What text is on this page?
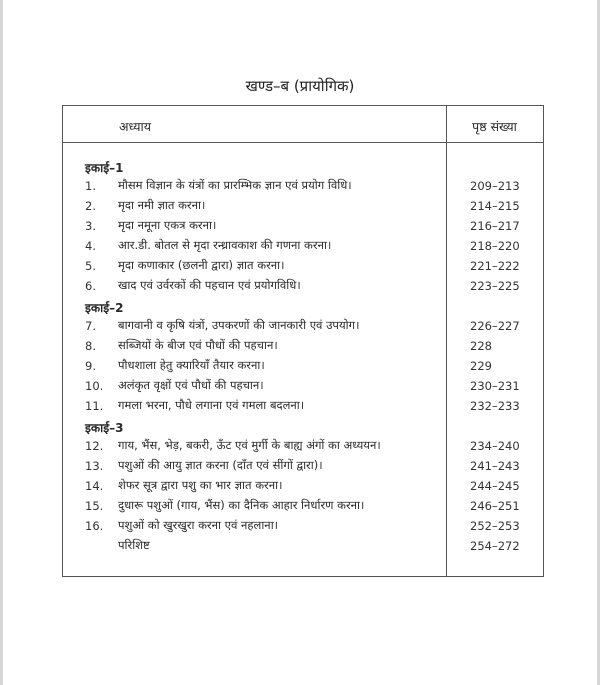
खण्ड–ब (प्रायोगिक)
अध्याय	पृष्ठ संख्या
इकाई–1
1. मौसम विज्ञान के यंत्रों का प्रारम्भिक ज्ञान एवं प्रयोग विधि।	209–213
2. मृदा नमी ज्ञात करना।	214–215
3. मृदा नमूना एकत्र करना।	216–217
4. आर.डी. बोतल से मृदा रन्ध्रावकाश की गणना करना।	218–220
5. मृदा कणाकार (छलनी द्वारा) ज्ञात करना।	221–222
6. खाद एवं उर्वरकों की पहचान एवं प्रयोगविधि।	223–225
इकाई–2
7. बागवानी व कृषि यंत्रों, उपकरणों की जानकारी एवं उपयोग।	226–227
8. सब्जियों के बीज एवं पौधों की पहचान।	228
9. पौधशाला हेतु क्यारियाँ तैयार करना।	229
10. अलंकृत वृक्षों एवं पौधों की पहचान।	230–231
11. गमला भरना, पौधे लगाना एवं गमला बदलना।	232–233
इकाई–3
12. गाय, भैंस, भेड़, बकरी, ऊँट एवं मुर्गी के बाह्य अंगों का अध्ययन।	234–240
13. पशुओं की आयु ज्ञात करना (दाँत एवं सींगों द्वारा)।	241–243
14. शेफर सूत्र द्वारा पशु का भार ज्ञात करना।	244–245
15. दुधारू पशुओं (गाय, भैंस) का दैनिक आहार निर्धारण करना।	246–251
16. पशुओं को खुरखुरा करना एवं नहलाना।	252–253
परिशिष्ट	254–272
